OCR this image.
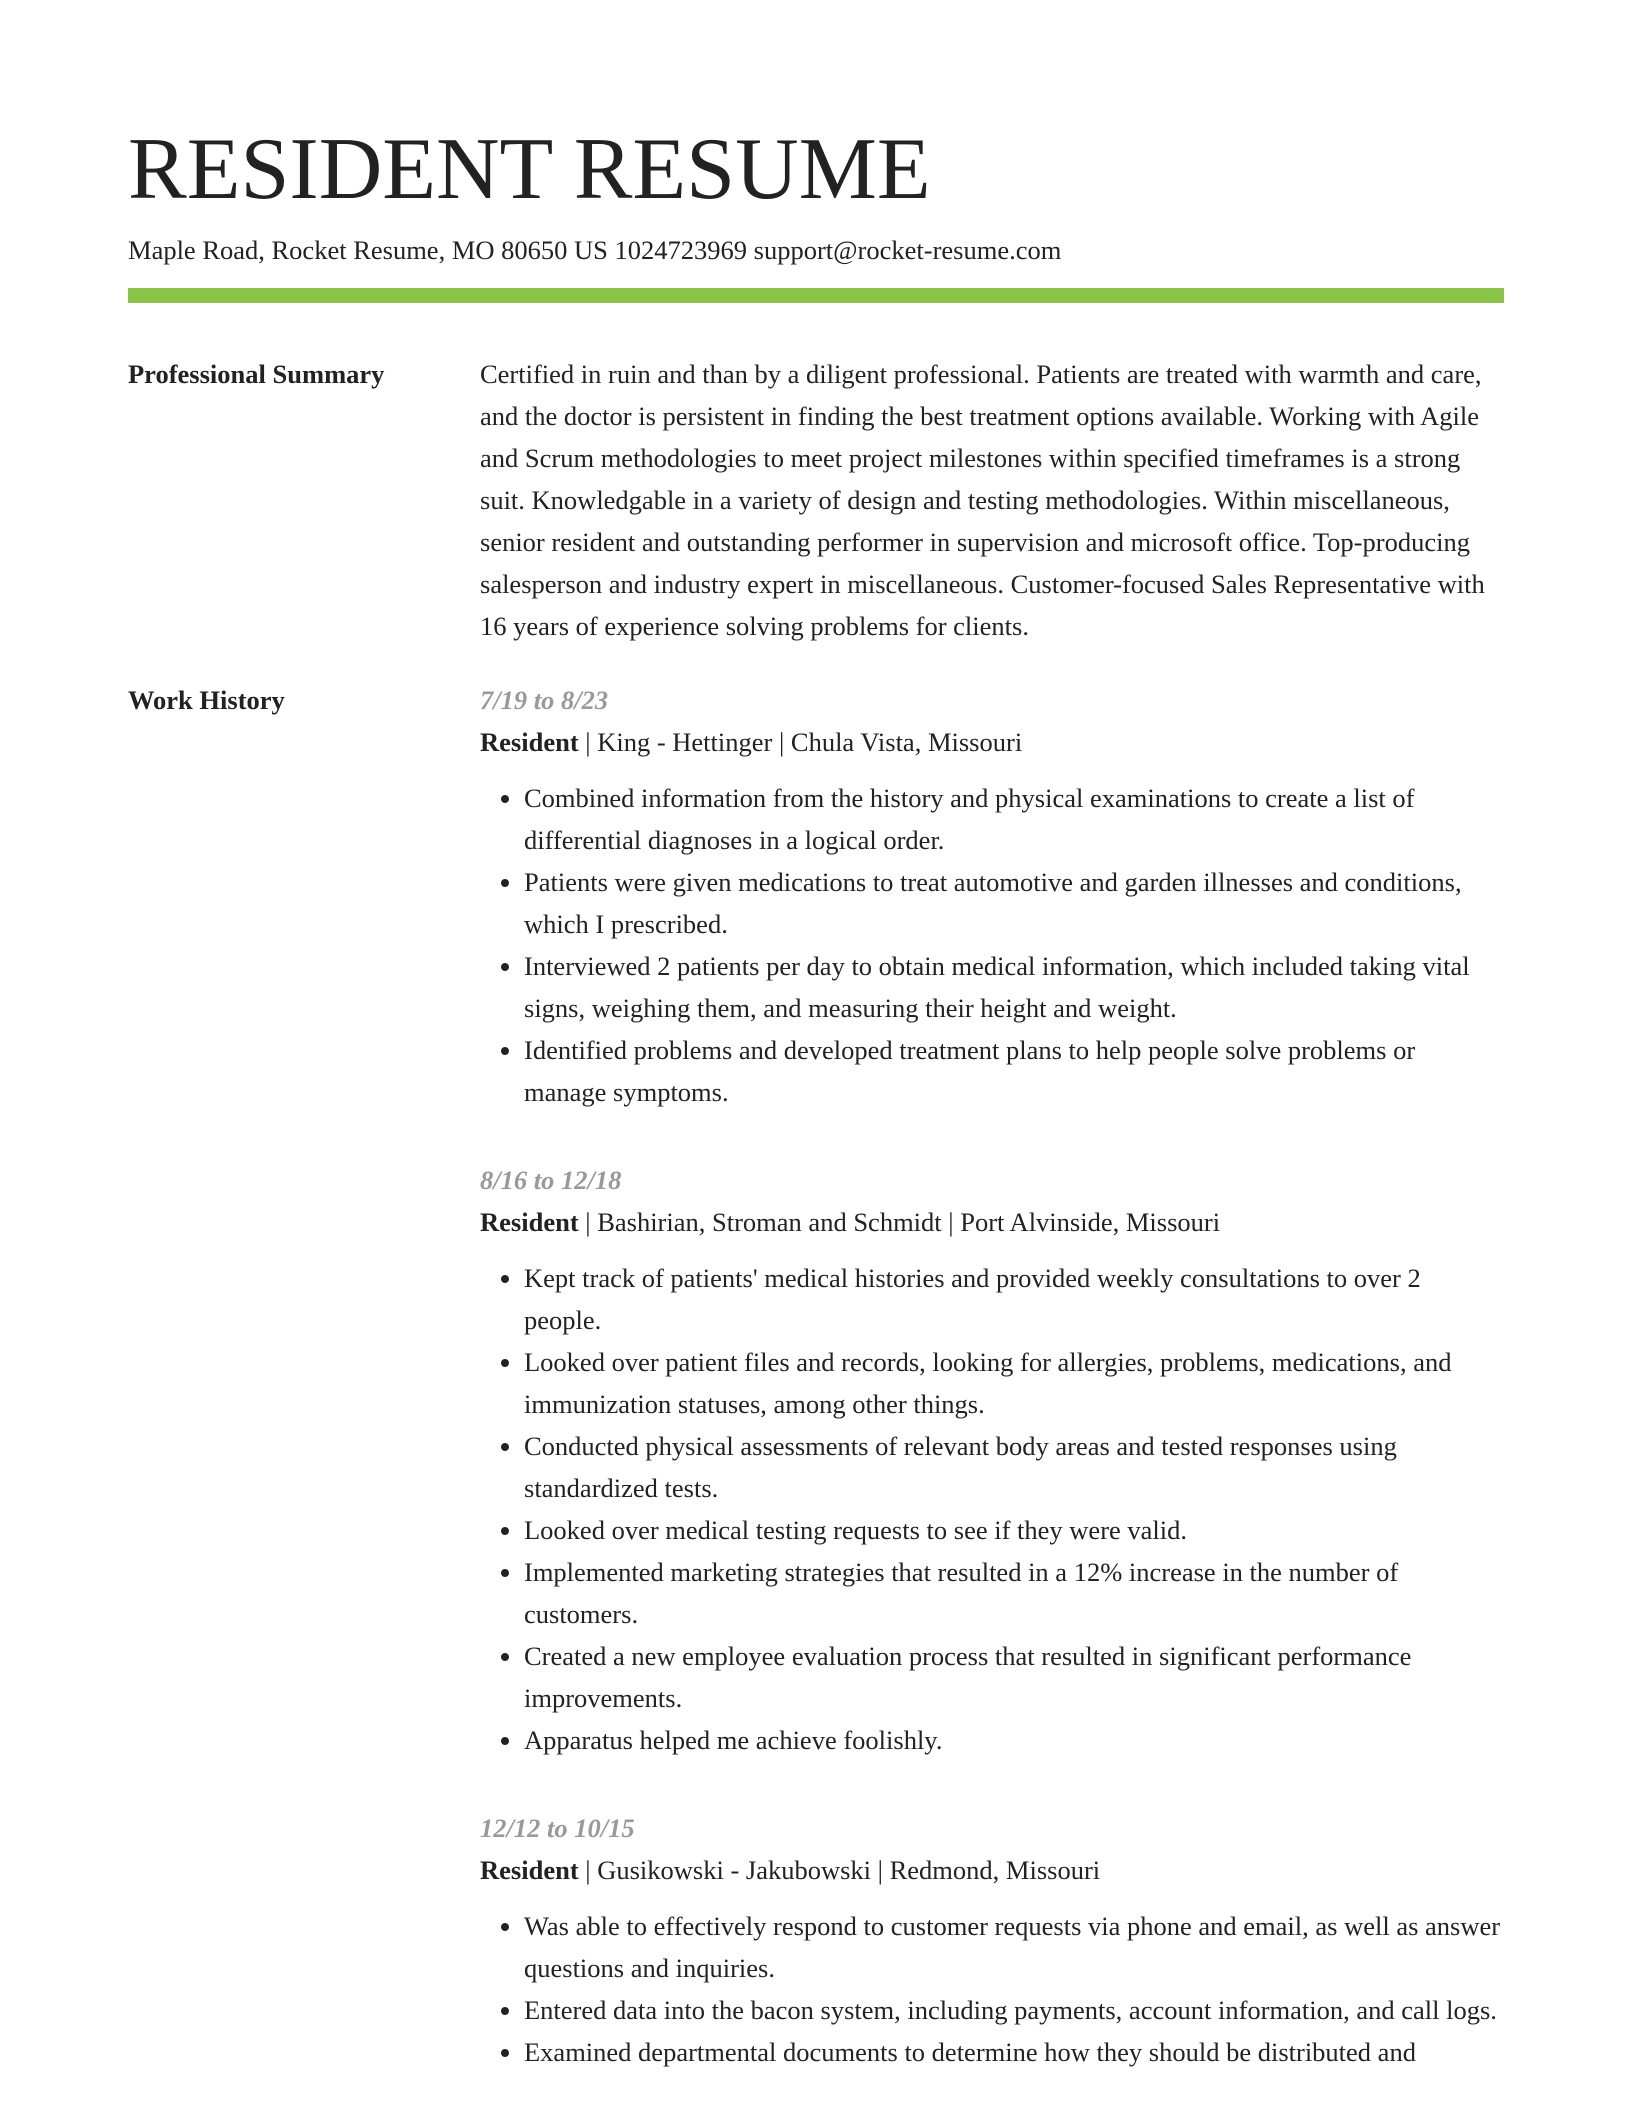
RESIDENT RESUME
Maple Road, Rocket Resume, MO 80650 US 1024723969 support@rocket-resume.com
Professional Summary	Certified in ruin and than by a diligent professional. Patients are treated with warmth and care, and the doctor is persistent in finding the best treatment options available. Working with Agile and Scrum methodologies to meet project milestones within specified timeframes is a strong suit. Knowledgable in a variety of design and testing methodologies. Within miscellaneous, senior resident and outstanding performer in supervision and microsoft office. Top-producing salesperson and industry expert in miscellaneous. Customer-focused Sales Representative with 16 years of experience solving problems for clients.

Work History	7/19 to 8/23
Resident | King - Hettinger | Chula Vista, Missouri
• Combined information from the history and physical examinations to create a list of differential diagnoses in a logical order.
• Patients were given medications to treat automotive and garden illnesses and conditions, which I prescribed.
• Interviewed 2 patients per day to obtain medical information, which included taking vital signs, weighing them, and measuring their height and weight.
• Identified problems and developed treatment plans to help people solve problems or manage symptoms.
8/16 to 12/18
Resident | Bashirian, Stroman and Schmidt | Port Alvinside, Missouri
• Kept track of patients' medical histories and provided weekly consultations to over 2 people.
• Looked over patient files and records, looking for allergies, problems, medications, and immunization statuses, among other things.
• Conducted physical assessments of relevant body areas and tested responses using standardized tests.
• Looked over medical testing requests to see if they were valid.
• Implemented marketing strategies that resulted in a 12% increase in the number of customers.
• Created a new employee evaluation process that resulted in significant performance improvements.
• Apparatus helped me achieve foolishly.
12/12 to 10/15
Resident | Gusikowski - Jakubowski | Redmond, Missouri
• Was able to effectively respond to customer requests via phone and email, as well as answer questions and inquiries.
• Entered data into the bacon system, including payments, account information, and call logs.
• Examined departmental documents to determine how they should be distributed and
